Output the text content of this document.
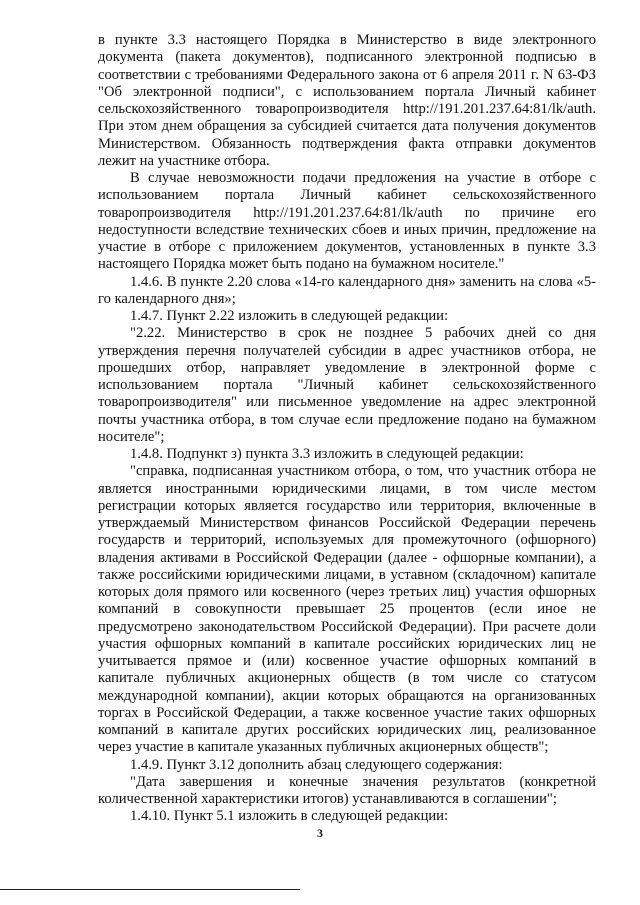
в пункте 3.3 настоящего Порядка в Министерство в виде электронного документа (пакета документов), подписанного электронной подписью в соответствии с требованиями Федерального закона от 6 апреля 2011 г. N 63-ФЗ "Об электронной подписи", с использованием портала Личный кабинет сельскохозяйственного товаропроизводителя http://191.201.237.64:81/lk/auth. При этом днем обращения за субсидией считается дата получения документов Министерством. Обязанность подтверждения факта отправки документов лежит на участнике отбора.

В случае невозможности подачи предложения на участие в отборе с использованием портала Личный кабинет сельскохозяйственного товаропроизводителя http://191.201.237.64:81/lk/auth по причине его недоступности вследствие технических сбоев и иных причин, предложение на участие в отборе с приложением документов, установленных в пункте 3.3 настоящего Порядка может быть подано на бумажном носителе."

1.4.6. В пункте 2.20 слова «14-го календарного дня» заменить на слова «5-го календарного дня»;

1.4.7. Пункт 2.22 изложить в следующей редакции:

"2.22. Министерство в срок не позднее 5 рабочих дней со дня утверждения перечня получателей субсидии в адрес участников отбора, не прошедших отбор, направляет уведомление в электронной форме с использованием портала "Личный кабинет сельскохозяйственного товаропроизводителя" или письменное уведомление на адрес электронной почты участника отбора, в том случае если предложение подано на бумажном носителе";

1.4.8. Подпункт з) пункта 3.3 изложить в следующей редакции:

"справка, подписанная участником отбора, о том, что участник отбора не является иностранными юридическими лицами, в том числе местом регистрации которых является государство или территория, включенные в утверждаемый Министерством финансов Российской Федерации перечень государств и территорий, используемых для промежуточного (офшорного) владения активами в Российской Федерации (далее - офшорные компании), а также российскими юридическими лицами, в уставном (складочном) капитале которых доля прямого или косвенного (через третьих лиц) участия офшорных компаний в совокупности превышает 25 процентов (если иное не предусмотрено законодательством Российской Федерации). При расчете доли участия офшорных компаний в капитале российских юридических лиц не учитывается прямое и (или) косвенное участие офшорных компаний в капитале публичных акционерных обществ (в том числе со статусом международной компании), акции которых обращаются на организованных торгах в Российской Федерации, а также косвенное участие таких офшорных компаний в капитале других российских юридических лиц, реализованное через участие в капитале указанных публичных акционерных обществ";

1.4.9. Пункт 3.12 дополнить абзац следующего содержания:

"Дата завершения и конечные значения результатов (конкретной количественной характеристики итогов) устанавливаются в соглашении";

1.4.10. Пункт 5.1 изложить в следующей редакции:

3
